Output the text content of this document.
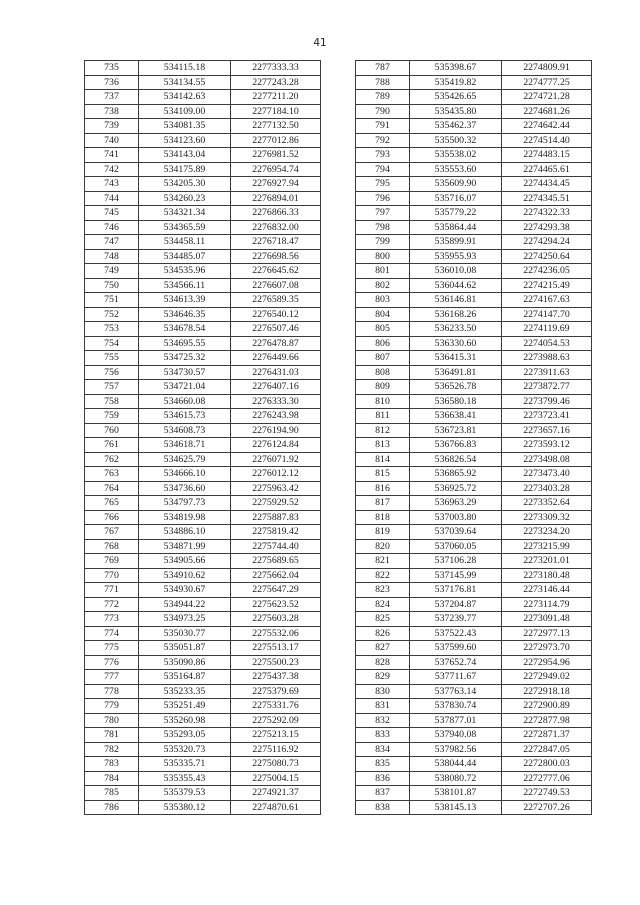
41
735	534115.18	2277333.33
736	534134.55	2277243.28
737	534142.63	2277211.20
738	534109.00	2277184.10
739	534081.35	2277132.50
740	534123.60	2277012.86
741	534143.04	2276981.52
742	534175.89	2276954.74
743	534205.30	2276927.94
744	534260.23	2276894.01
745	534321.34	2276866.33
746	534365.59	2276832.00
747	534458.11	2276718.47
748	534485.07	2276698.56
749	534535.96	2276645.62
750	534566.11	2276607.08
751	534613.39	2276589.35
752	534646.35	2276540.12
753	534678.54	2276507.46
754	534695.55	2276478.87
755	534725.32	2276449.66
756	534730.57	2276431.03
757	534721.04	2276407.16
758	534660.08	2276333.30
759	534615.73	2276243.98
760	534608.73	2276194.90
761	534618.71	2276124.84
762	534625.79	2276071.92
763	534666.10	2276012.12
764	534736.60	2275963.42
765	534797.73	2275929.52
766	534819.98	2275887.83
767	534886.10	2275819.42
768	534871.99	2275744.40
769	534905.66	2275689.65
770	534910.62	2275662.04
771	534930.67	2275647.29
772	534944.22	2275623.52
773	534973.25	2275603.28
774	535030.77	2275532.06
775	535051.87	2275513.17
776	535090.86	2275500.23
777	535164.87	2275437.38
778	535233.35	2275379.69
779	535251.49	2275331.76
780	535260.98	2275292.09
781	535293.05	2275213.15
782	535320.73	2275116.92
783	535335.71	2275080.73
784	535355.43	2275004.15
785	535379.53	2274921.37
786	535380.12	2274870.61
787	535398.67	2274809.91
788	535419.82	2274777.25
789	535426.65	2274721.28
790	535435.80	2274681.26
791	535462.37	2274642.44
792	535500.32	2274514.40
793	535538.02	2274483.15
794	535553.60	2274465.61
795	535609.90	2274434.45
796	535716.07	2274345.51
797	535779.22	2274322.33
798	535864.44	2274293.38
799	535899.91	2274294.24
800	535955.93	2274250.64
801	536010.08	2274236.05
802	536044.62	2274215.49
803	536146.81	2274167.63
804	536168.26	2274147.70
805	536233.50	2274119.69
806	536330.60	2274054.53
807	536415.31	2273988.63
808	536491.81	2273911.63
809	536526.78	2273872.77
810	536580.18	2273799.46
811	536638.41	2273723.41
812	536723.81	2273657.16
813	536766.83	2273593.12
814	536826.54	2273498.08
815	536865.92	2273473.40
816	536925.72	2273403.28
817	536963.29	2273352.64
818	537003.80	2273309.32
819	537039.64	2273234.20
820	537060.05	2273215.99
821	537106.28	2273201.01
822	537145.99	2273180.48
823	537176.81	2273146.44
824	537204.87	2273114.79
825	537239.77	2273091.48
826	537522.43	2272977.13
827	537599.60	2272973.70
828	537652.74	2272954.96
829	537711.67	2272949.02
830	537763.14	2272918.18
831	537830.74	2272900.89
832	537877.01	2272877.98
833	537940.08	2272871.37
834	537982.56	2272847.05
835	538044.44	2272800.03
836	538080.72	2272777.06
837	538101.87	2272749.53
838	538145.13	2272707.26
